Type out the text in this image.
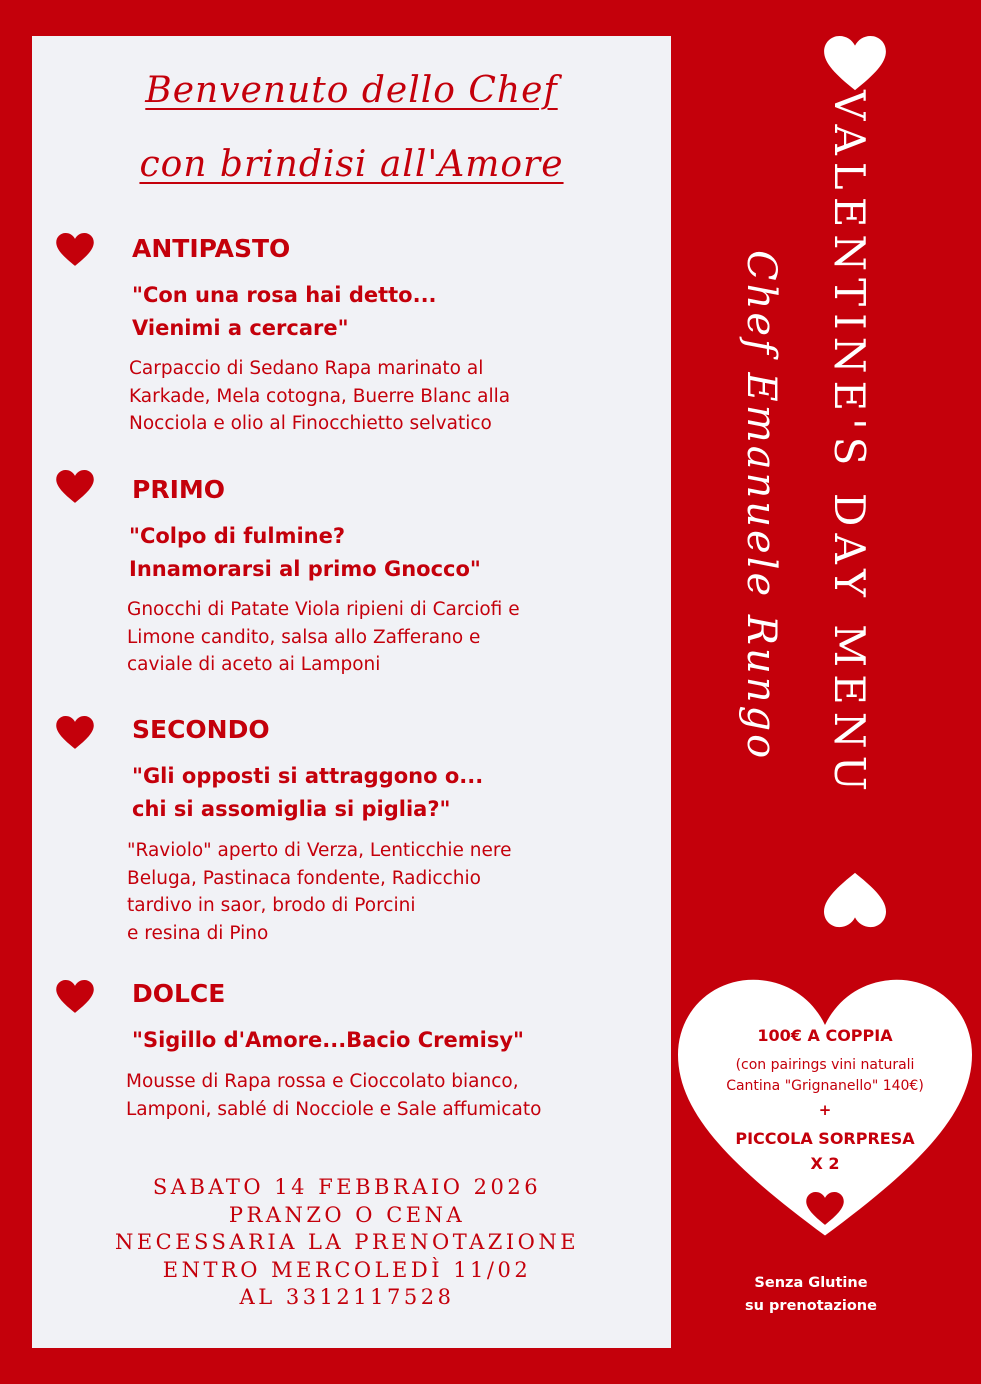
Benvenuto dello Chef
con brindisi all'Amore
ANTIPASTO
"Con una rosa hai detto...
Vienimi a cercare"
Carpaccio di Sedano Rapa marinato al
Karkade, Mela cotogna, Buerre Blanc alla
Nocciola e olio al Finocchietto selvatico
PRIMO
"Colpo di fulmine?
Innamorarsi al primo Gnocco"
Gnocchi di Patate Viola ripieni di Carciofi e
Limone candito, salsa allo Zafferano e
caviale di aceto ai Lamponi
SECONDO
"Gli opposti si attraggono o...
chi si assomiglia si piglia?"
"Raviolo" aperto di Verza, Lenticchie nere
Beluga, Pastinaca fondente, Radicchio
tardivo in saor, brodo di Porcini
e resina di Pino
DOLCE
"Sigillo d'Amore...Bacio Cremisy"
Mousse di Rapa rossa e Cioccolato bianco,
Lamponi, sablé di Nocciole e Sale affumicato
SABATO 14 FEBBRAIO 2026
PRANZO O CENA
NECESSARIA LA PRENOTAZIONE
ENTRO MERCOLEDÌ 11/02
AL 3312117528
VALENTINE'S DAY MENU
Chef Emanuele Rungo
100€ A COPPIA
(con pairings vini naturali
Cantina "Grignanello" 140€)
+
PICCOLA SORPRESA
X 2
Senza Glutine
su prenotazione
